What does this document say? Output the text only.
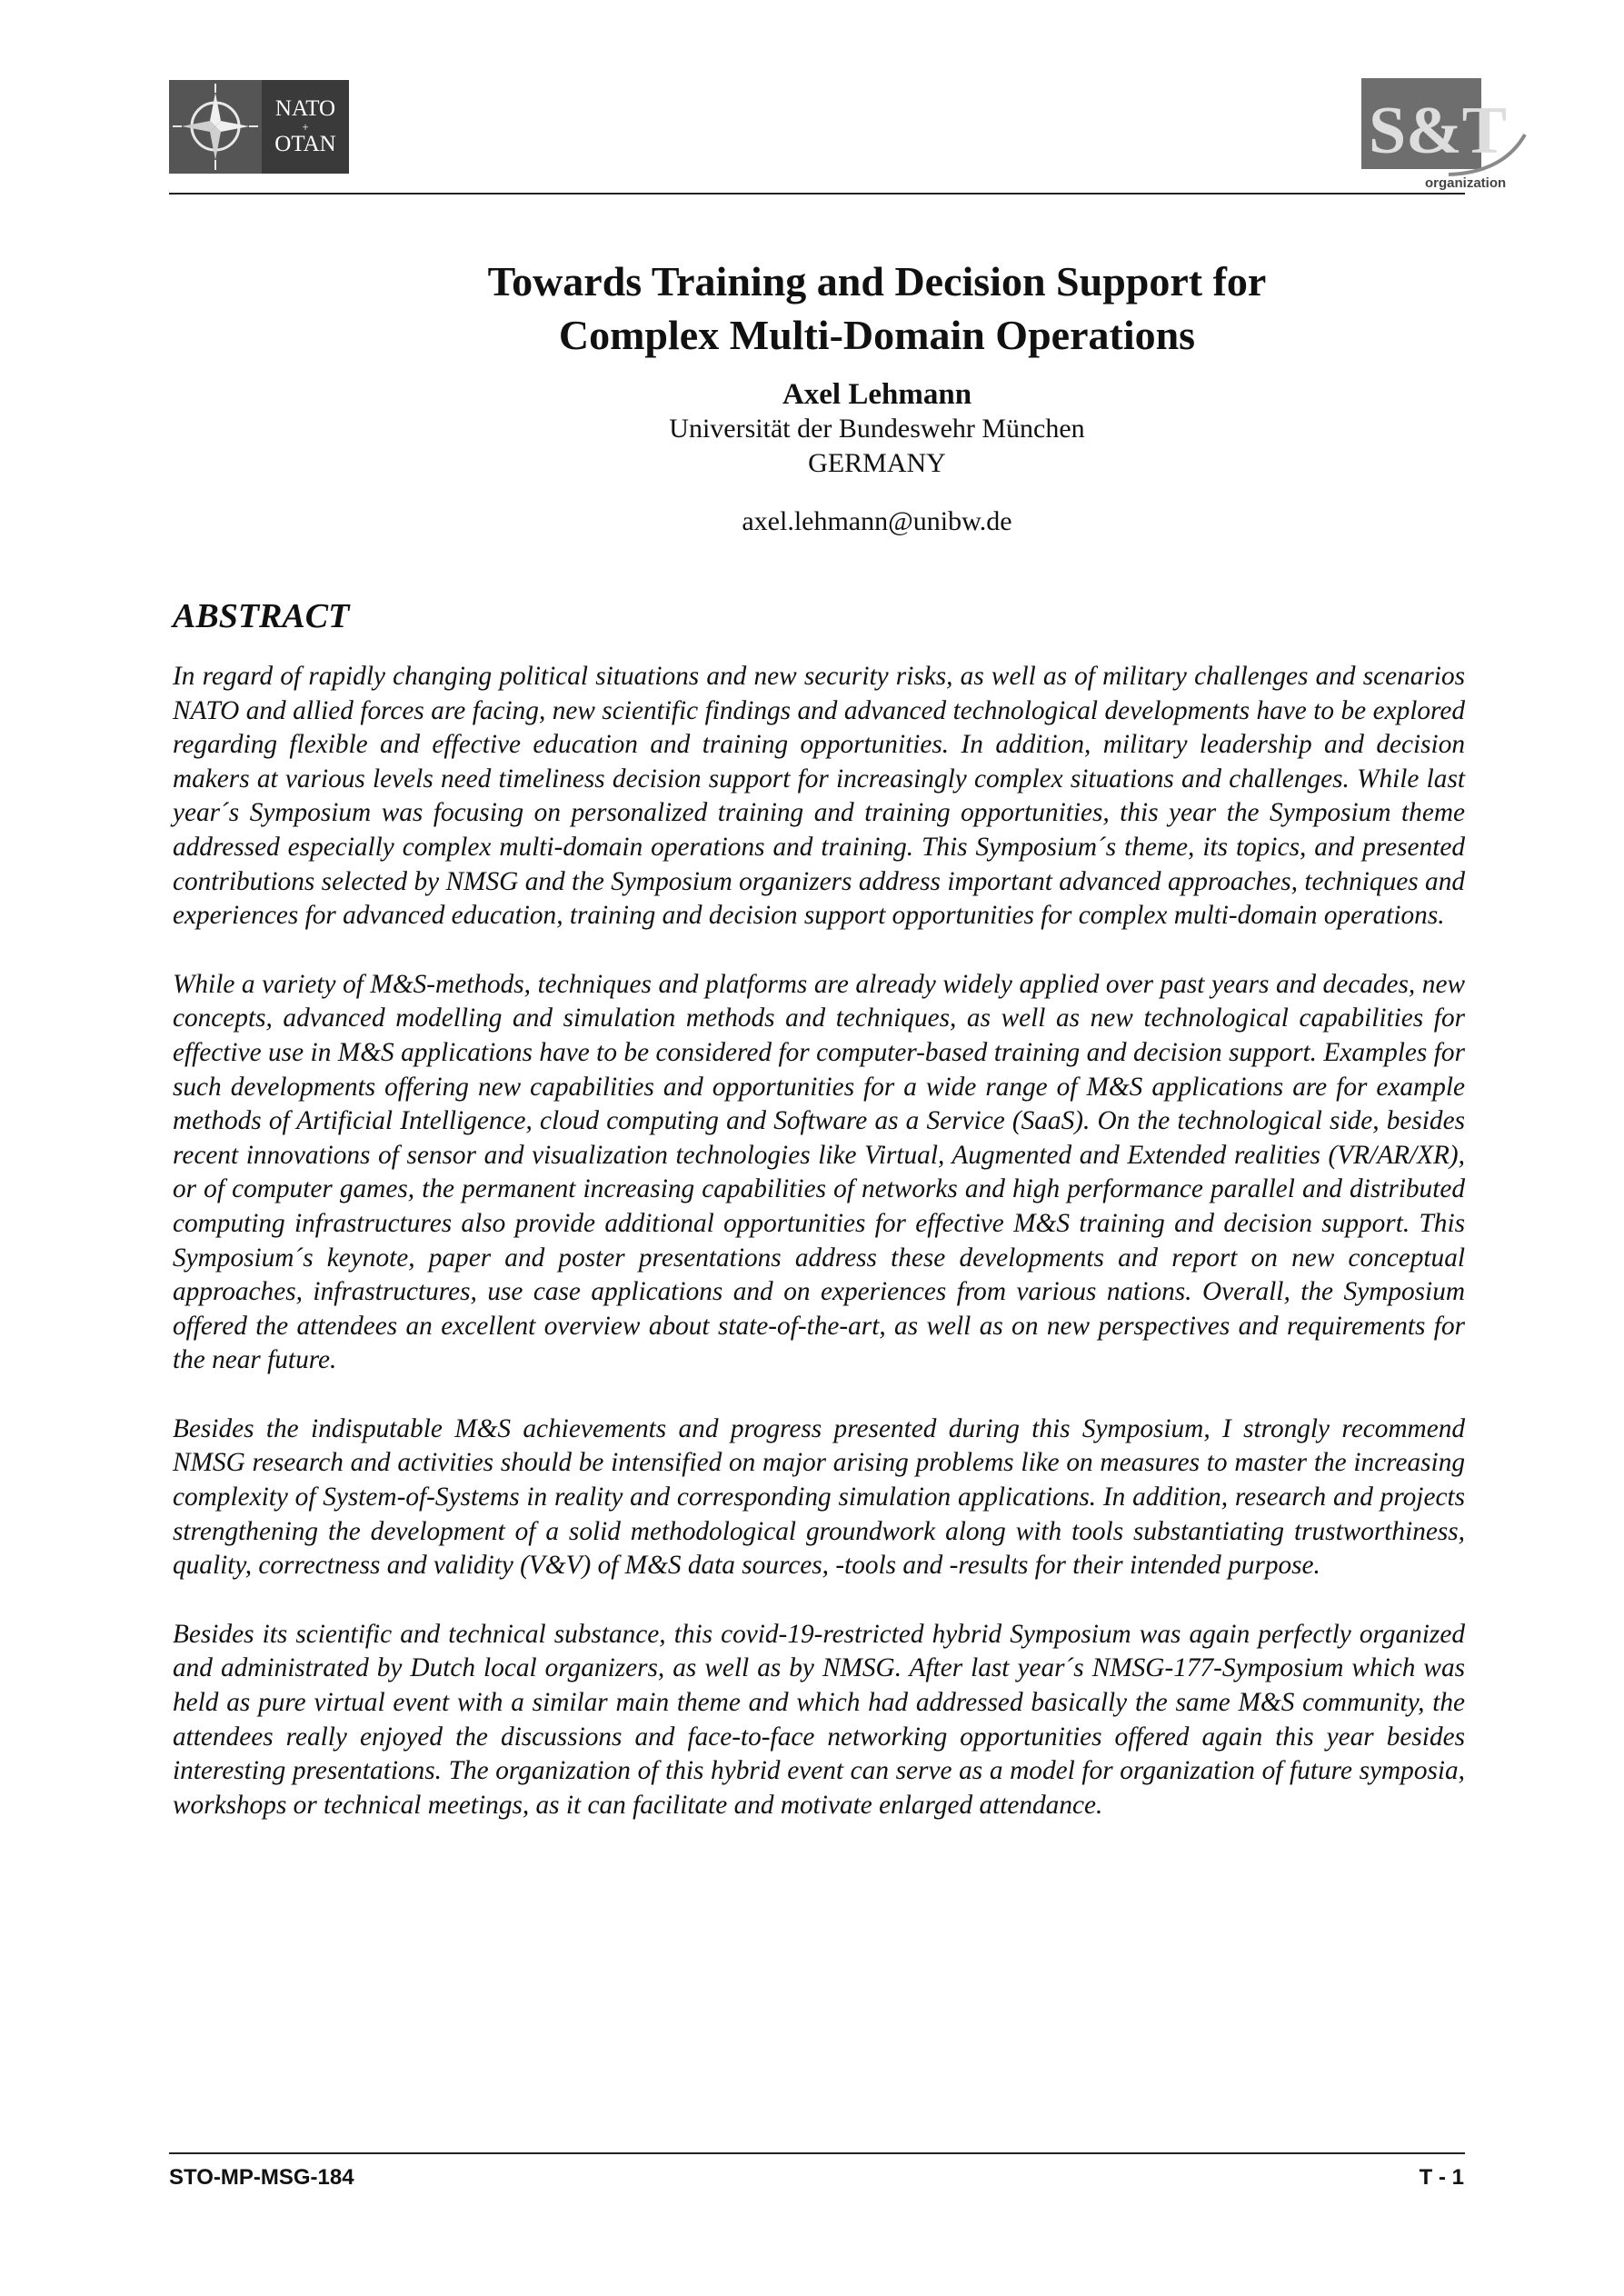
NATO
+
OTAN	S&T
organization
Towards Training and Decision Support for
Complex Multi-Domain Operations
Axel Lehmann
Universität der Bundeswehr München
GERMANY
axel.lehmann@unibw.de
ABSTRACT

In regard of rapidly changing political situations and new security risks, as well as of military challenges and scenarios NATO and allied forces are facing, new scientific findings and advanced technological developments have to be explored regarding flexible and effective education and training opportunities. In addition, military leadership and decision makers at various levels need timeliness decision support for increasingly complex situations and challenges. While last year´s Symposium was focusing on personalized training and training opportunities, this year the Symposium theme addressed especially complex multi-domain operations and training. This Symposium´s theme, its topics, and presented contributions selected by NMSG and the Symposium organizers address important advanced approaches, techniques and experiences for advanced education, training and decision support opportunities for complex multi-domain operations.

While a variety of M&S-methods, techniques and platforms are already widely applied over past years and decades, new concepts, advanced modelling and simulation methods and techniques, as well as new technological capabilities for effective use in M&S applications have to be considered for computer-based training and decision support. Examples for such developments offering new capabilities and opportunities for a wide range of M&S applications are for example methods of Artificial Intelligence, cloud computing and Software as a Service (SaaS). On the technological side, besides recent innovations of sensor and visualization technologies like Virtual, Augmented and Extended realities (VR/AR/XR), or of computer games, the permanent increasing capabilities of networks and high performance parallel and distributed computing infrastructures also provide additional opportunities for effective M&S training and decision support. This Symposium´s keynote, paper and poster presentations address these developments and report on new conceptual approaches, infrastructures, use case applications and on experiences from various nations. Overall, the Symposium offered the attendees an excellent overview about state-of-the-art, as well as on new perspectives and requirements for the near future.

Besides the indisputable M&S achievements and progress presented during this Symposium, I strongly recommend NMSG research and activities should be intensified on major arising problems like on measures to master the increasing complexity of System-of-Systems in reality and corresponding simulation applications. In addition, research and projects strengthening the development of a solid methodological groundwork along with tools substantiating trustworthiness, quality, correctness and validity (V&V) of M&S data sources, -tools and -results for their intended purpose.

Besides its scientific and technical substance, this covid-19-restricted hybrid Symposium was again perfectly organized and administrated by Dutch local organizers, as well as by NMSG. After last year´s NMSG-177-Symposium which was held as pure virtual event with a similar main theme and which had addressed basically the same M&S community, the attendees really enjoyed the discussions and face-to-face networking opportunities offered again this year besides interesting presentations. The organization of this hybrid event can serve as a model for organization of future symposia, workshops or technical meetings, as it can facilitate and motivate enlarged attendance.

STO-MP-MSG-184	T - 1
